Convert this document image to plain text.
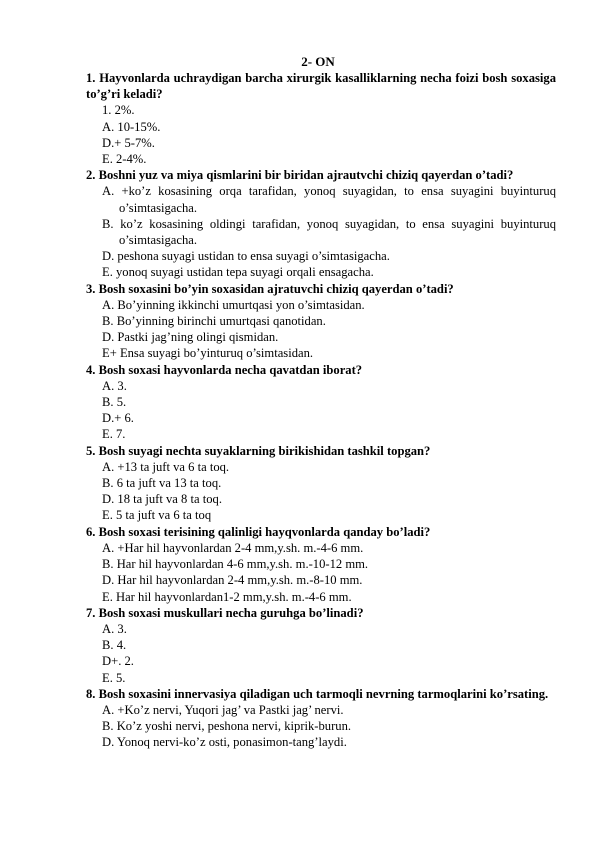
2- ON

1. Hayvonlarda uchraydigan barcha xirurgik kasalliklarning necha foizi bosh soxasiga to’g’ri keladi?

1. 2%.
A. 10-15%.
D.+ 5-7%.
E. 2-4%.

2. Boshni yuz va miya qismlarini bir biridan ajrautvchi chiziq qayerdan o’tadi?

A. +ko’z kosasining orqa tarafidan, yonoq suyagidan, to ensa suyagini buyinturuq o’simtasigacha.
B. ko’z kosasining oldingi tarafidan, yonoq suyagidan, to ensa suyagini buyinturuq o’simtasigacha.
D. peshona suyagi ustidan to ensa suyagi o’simtasigacha.
E. yonoq suyagi ustidan tepa suyagi orqali ensagacha.

3. Bosh soxasini bo’yin soxasidan ajratuvchi chiziq qayerdan o’tadi?

A. Bo’yinning ikkinchi umurtqasi yon o’simtasidan.
B. Bo’yinning birinchi umurtqasi qanotidan.
D. Pastki jag’ning olingi qismidan.
E+ Ensa suyagi bo’yinturuq o’simtasidan.

4. Bosh soxasi hayvonlarda necha qavatdan iborat?

A. 3.
B. 5.
D.+ 6.
E. 7.

5. Bosh suyagi nechta suyaklarning birikishidan tashkil topgan?

A. +13 ta juft va 6 ta toq.
B. 6 ta juft va 13 ta toq.
D. 18 ta juft va 8 ta toq.
E. 5 ta juft va 6 ta toq

6. Bosh soxasi terisining qalinligi hayqvonlarda qanday bo’ladi?

A. +Har hil hayvonlardan 2-4 mm,y.sh. m.-4-6 mm.
B. Har hil hayvonlardan 4-6 mm,y.sh. m.-10-12 mm.
D. Har hil hayvonlardan 2-4 mm,y.sh. m.-8-10 mm.
E. Har hil hayvonlardan1-2 mm,y.sh. m.-4-6 mm.

7. Bosh soxasi muskullari necha guruhga bo’linadi?

A. 3.
B. 4.
D+. 2.
E. 5.

8. Bosh soxasini innervasiya qiladigan uch tarmoqli nevrning tarmoqlarini ko’rsating.

A. +Ko’z nervi, Yuqori jag’ va Pastki jag’ nervi.
B. Ko’z yoshi nervi, peshona nervi, kiprik-burun.
D. Yonoq nervi-ko’z osti, ponasimon-tang’laydi.
